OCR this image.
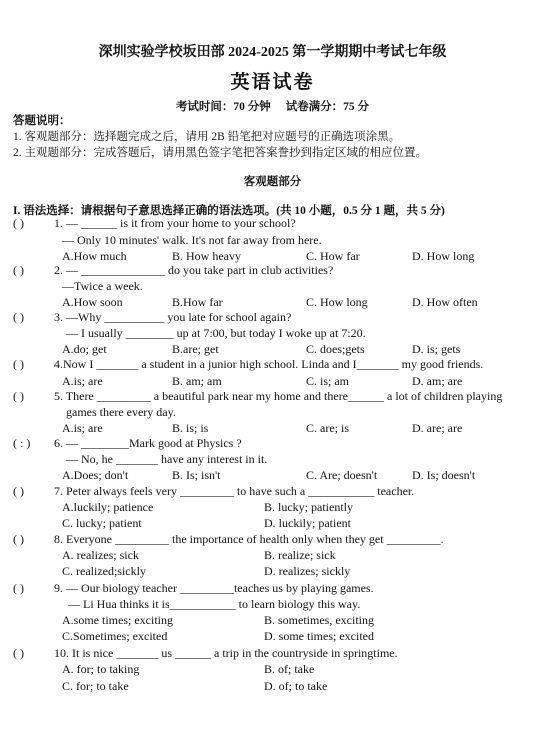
深圳实验学校坂田部 2024-2025 第一学期期中考试七年级
英语试卷
考试时间：70 分钟 试卷满分：75 分
答题说明：
1. 客观题部分：选择题完成之后，请用 2B 铅笔把对应题号的正确选项涂黑。
2. 主观题部分：完成答题后，请用黑色签字笔把答案誊抄到指定区域的相应位置。
客观题部分
I. 语法选择：请根据句子意思选择正确的语法选项。(共 10 小题，0.5 分 1 题，共 5 分)
( )	1. — ______ is it from your home to your school?
— Only 10 minutes' walk. It's not far away from here.
A.How much	B. How heavy	C. How far	D. How long
( )	2. — ______________ do you take part in club activities?
—Twice a week.
A.How soon	B.How far	C. How long	D. How often
( )	3. —Why __________ you late for school again?
— I usually ________ up at 7:00, but today I woke up at 7:20.
A.do; get	B.are; get	C. does;gets	D. is; gets
( )	4.Now I _______ a student in a junior high school. Linda and I_______ my good friends.
A.is; are	B. am; am	C. is; am	D. am; are
( )	5. There _________ a beautiful park near my home and there______ a lot of children playing
games there every day.
A.is; are	B. is; is	C. are; is	D. are; are
( : ) 6. — ________Mark good at Physics ?
— No, he _______ have any interest in it.
A.Does; don't	B. Is; isn't	C. Are; doesn't	D. Is; doesn't
( )	7. Peter always feels very _________ to have such a ___________ teacher.
A.luckily; patience	B. lucky; patiently
C. lucky; patient	D. luckily; patient
( )	8. Everyone _________ the importance of health only when they get _________.
A. realizes; sick	B. realize; sick
C. realized;sickly	D. realizes; sickly
( )	9. — Our biology teacher _________teaches us by playing games.
— Li Hua thinks it is___________ to learn biology this way.
A.some times; exciting	B. sometimes, exciting
C.Sometimes; excited	D. some times; excited
( )	10. It is nice _______ us ______ a trip in the countryside in springtime.
A. for; to taking	B. of; take
C. for; to take	D. of; to take
